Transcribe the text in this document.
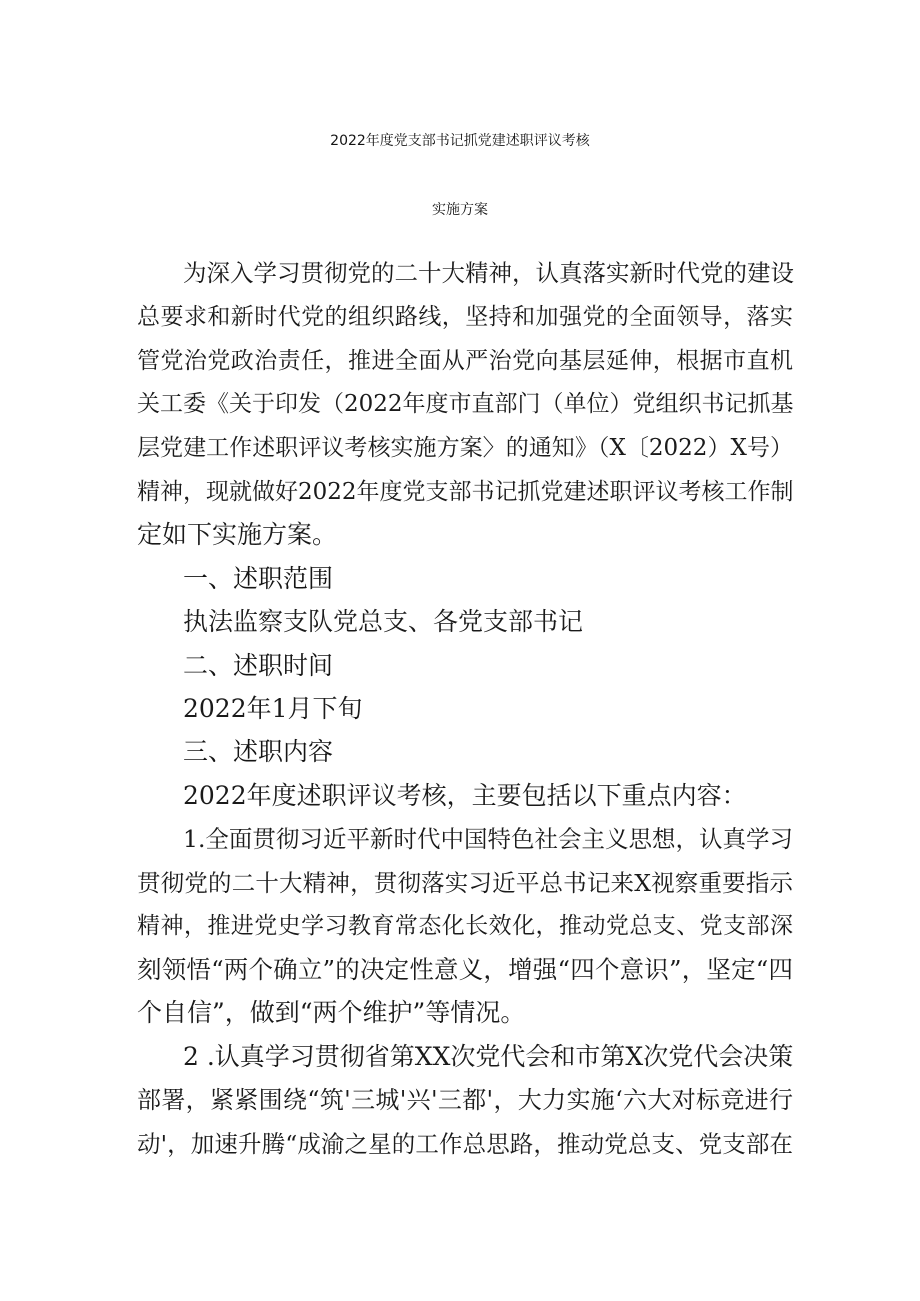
2022年度党支部书记抓党建述职评议考核
实施方案
为深入学习贯彻党的二十大精神，认真落实新时代党的建设
总要求和新时代党的组织路线，坚持和加强党的全面领导，落实
管党治党政治责任，推进全面从严治党向基层延伸，根据市直机
关工委《关于印发（2022年度市直部门（单位）党组织书记抓基
层党建工作述职评议考核实施方案〉的通知》（X〔2022）X号）
精神，现就做好2022年度党支部书记抓党建述职评议考核工作制
定如下实施方案。
一、述职范围
执法监察支队党总支、各党支部书记
二、述职时间
2022年1月下旬
三、述职内容
2022年度述职评议考核，主要包括以下重点内容：
1.全面贯彻习近平新时代中国特色社会主义思想，认真学习
贯彻党的二十大精神，贯彻落实习近平总书记来X视察重要指示
精神，推进党史学习教育常态化长效化，推动党总支、党支部深
刻领悟“两个确立”的决定性意义，增强“四个意识”，坚定“四
个自信”，做到“两个维护”等情况。
2 .认真学习贯彻省第XX次党代会和市第X次党代会决策
部署，紧紧围绕“筑'三城'兴'三都'，大力实施‘六大对标竞进行
动'，加速升腾“成渝之星的工作总思路，推动党总支、党支部在
